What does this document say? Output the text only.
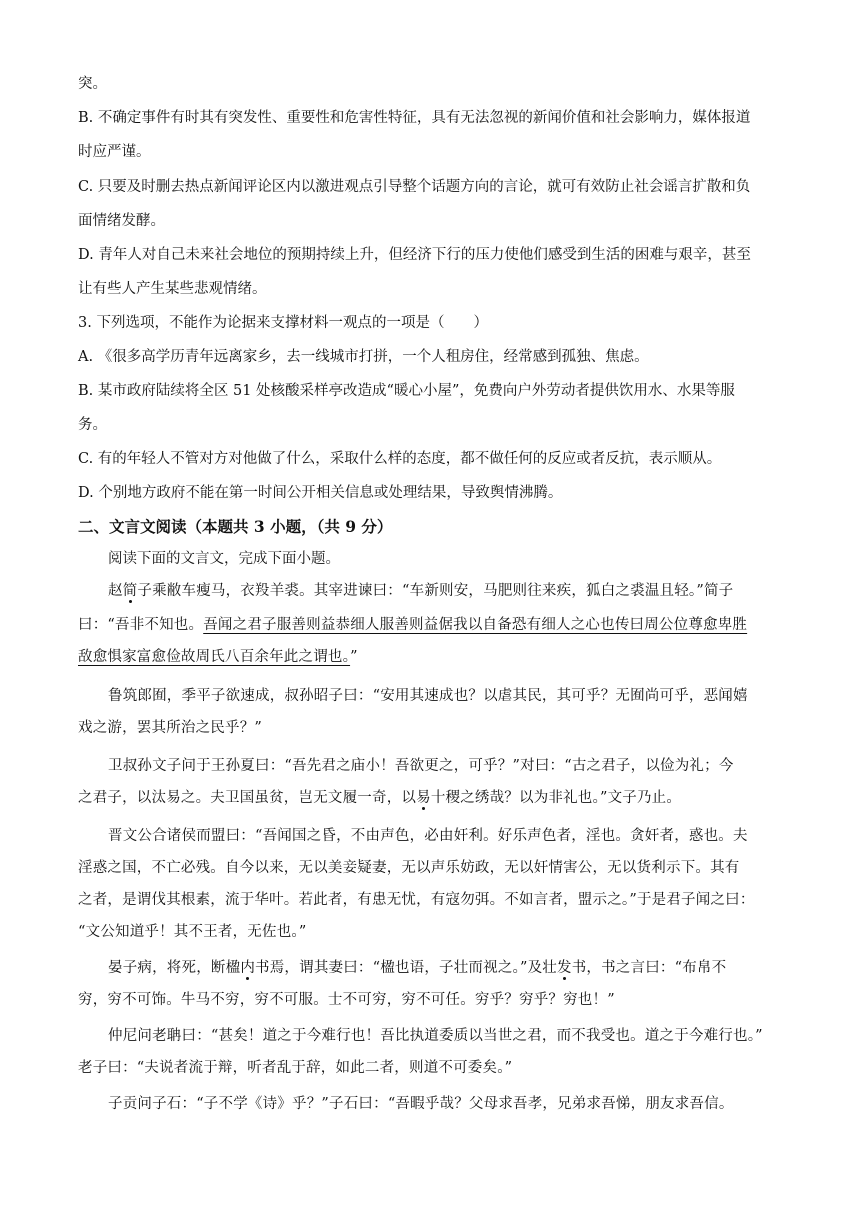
突。
B. 不确定事件有时其有突发性、重要性和危害性特征，具有无法忽视的新闻价值和社会影响力，媒体报道
时应严谨。
C. 只要及时删去热点新闻评论区内以激进观点引导整个话题方向的言论，就可有效防止社会谣言扩散和负
面情绪发酵。
D. 青年人对自己未来社会地位的预期持续上升，但经济下行的压力使他们感受到生活的困难与艰辛，甚至
让有些人产生某些悲观情绪。
3. 下列选项，不能作为论据来支撑材料一观点的一项是（　　）
A. 《很多高学历青年远离家乡，去一线城市打拼，一个人租房住，经常感到孤独、焦虑。
B. 某市政府陆续将全区 51 处核酸采样亭改造成“暖心小屋”，免费向户外劳动者提供饮用水、水果等服
务。
C. 有的年轻人不管对方对他做了什么，采取什么样的态度，都不做任何的反应或者反抗，表示顺从。
D. 个别地方政府不能在第一时间公开相关信息或处理结果，导致舆情沸腾。
二、文言文阅读（本题共 3 小题，（共 9 分）
阅读下面的文言文，完成下面小题。
赵简子乘敝车瘦马，衣羖羊裘。其宰进谏曰：“车新则安，马肥则往来疾，狐白之裘温且轻。”简子
曰：“吾非不知也。吾闻之君子服善则益恭细人服善则益倨我以自备恐有细人之心也传曰周公位尊愈卑胜
敌愈惧家富愈俭故周氏八百余年此之谓也。”
鲁筑郎囿，季平子欲速成，叔孙昭子曰：“安用其速成也？以虐其民，其可乎？无囿尚可乎，恶闻嬉
戏之游，罢其所治之民乎？”
卫叔孙文子问于王孙夏曰：“吾先君之庙小！吾欲更之，可乎？”对曰：“古之君子，以俭为礼；今
之君子，以汰易之。夫卫国虽贫，岂无文履一奇，以易十稷之绣哉？以为非礼也。”文子乃止。
晋文公合诸侯而盟曰：“吾闻国之昏，不由声色，必由奸利。好乐声色者，淫也。贪奸者，惑也。夫
淫惑之国，不亡必残。自今以来，无以美妾疑妻，无以声乐妨政，无以奸情害公，无以货利示下。其有
之者，是谓伐其根素，流于华叶。若此者，有患无忧，有寇勿弭。不如言者，盟示之。”于是君子闻之曰：
“文公知道乎！其不王者，无佐也。”
晏子病，将死，断楹内书焉，谓其妻曰：“楹也语，子壮而视之。”及壮发书，书之言曰：“布帛不
穷，穷不可饰。牛马不穷，穷不可服。士不可穷，穷不可任。穷乎？穷乎？穷也！”
仲尼问老聃曰：“甚矣！道之于今难行也！吾比执道委质以当世之君，而不我受也。道之于今难行也。”
老子曰：“夫说者流于辩，听者乱于辞，如此二者，则道不可委矣。”
子贡问子石：“子不学《诗》乎？”子石曰：“吾暇乎哉？父母求吾孝，兄弟求吾悌，朋友求吾信。
